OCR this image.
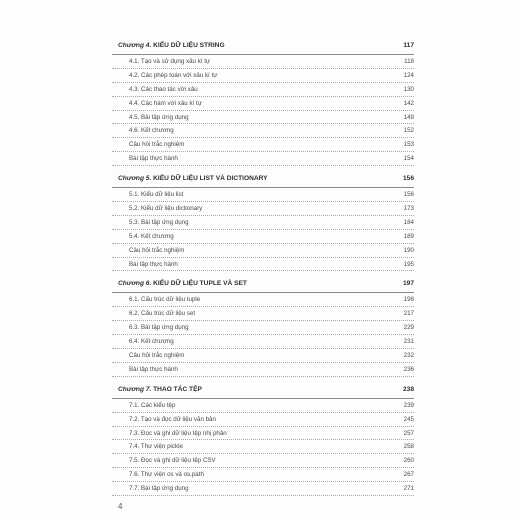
Chương 4. KIỂU DỮ LIỆU STRING	117
4.1. Tạo và sử dụng xâu kí tự	118
4.2. Các phép toán với xâu kí tự	124
4.3. Các thao tác với xâu	130
4.4. Các hàm với xâu kí tự	142
4.5. Bài tập ứng dụng	149
4.6. Kết chương	152
Câu hỏi trắc nghiệm	153
Bài tập thực hành	154
Chương 5. KIỂU DỮ LIỆU LIST VÀ DICTIONARY	156
5.1. Kiểu dữ liệu list	156
5.2. Kiểu dữ liệu dictionary	173
5.3. Bài tập ứng dụng	184
5.4. Kết chương	189
Câu hỏi trắc nghiệm	190
Bài tập thực hành	195
Chương 6. KIỂU DỮ LIỆU TUPLE VÀ SET	197
6.1. Cấu trúc dữ liệu tuple	198
6.2. Cấu trúc dữ liệu set	217
6.3. Bài tập ứng dụng	229
6.4. Kết chương	231
Câu hỏi trắc nghiệm	232
Bài tập thực hành	236
Chương 7. THAO TÁC TỆP	238
7.1. Các kiểu tệp	239
7.2. Tạo và đọc dữ liệu văn bản	245
7.3. Đọc và ghi dữ liệu tệp nhị phân	257
7.4. Thư viện pickle	258
7.5. Đọc và ghi dữ liệu tệp CSV	260
7.6. Thư viện os và os.path	267
7.7. Bài tập ứng dụng	271
4
